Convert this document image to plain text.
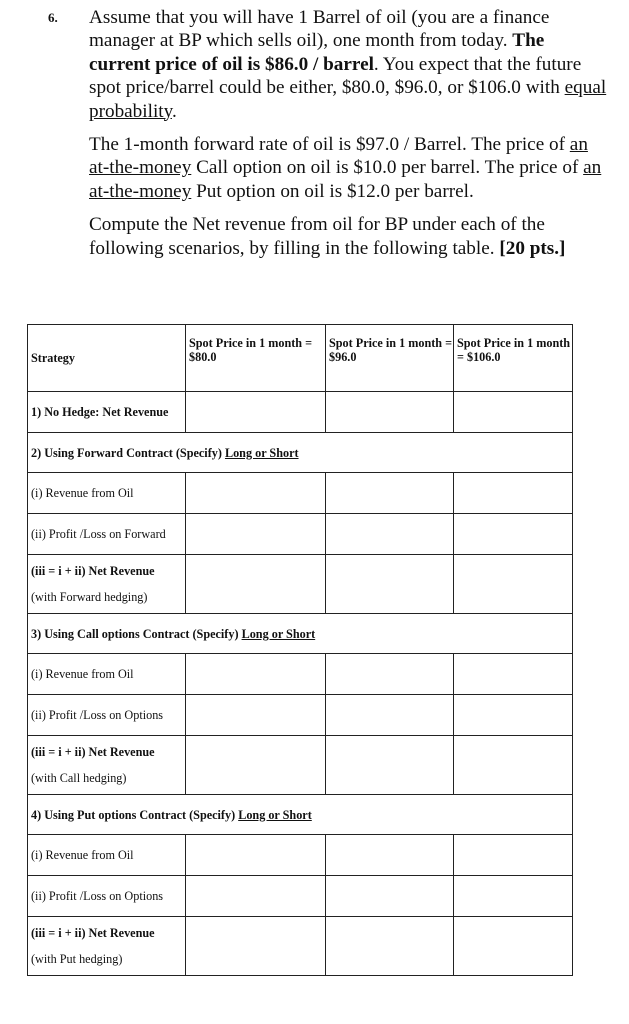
6.	Assume that you will have 1 Barrel of oil (you are a finance manager at BP which sells oil), one month from today. The current price of oil is $86.0 / barrel. You expect that the future spot price/barrel could be either, $80.0, $96.0, or $106.0 with equal probability.

The 1-month forward rate of oil is $97.0 / Barrel. The price of an at-the-money Call option on oil is $10.0 per barrel. The price of an at-the-money Put option on oil is $12.0 per barrel.

Compute the Net revenue from oil for BP under each of the following scenarios, by filling in the following table. [20 pts.]

Strategy	Spot Price in 1 month = $80.0	Spot Price in 1 month = $96.0	Spot Price in 1 month = $106.0
1) No Hedge: Net Revenue			
2) Using Forward Contract (Specify) Long or Short			
(i) Revenue from Oil			
(ii) Profit /Loss on Forward			

(iii = i + ii) Net Revenue
(with Forward hedging)			

3) Using Call options Contract (Specify) Long or Short			
(i) Revenue from Oil			
(ii) Profit /Loss on Options			

(iii = i + ii) Net Revenue
(with Call hedging)			

4) Using Put options Contract (Specify) Long or Short			
(i) Revenue from Oil			
(ii) Profit /Loss on Options			

(iii = i + ii) Net Revenue
(with Put hedging)			
